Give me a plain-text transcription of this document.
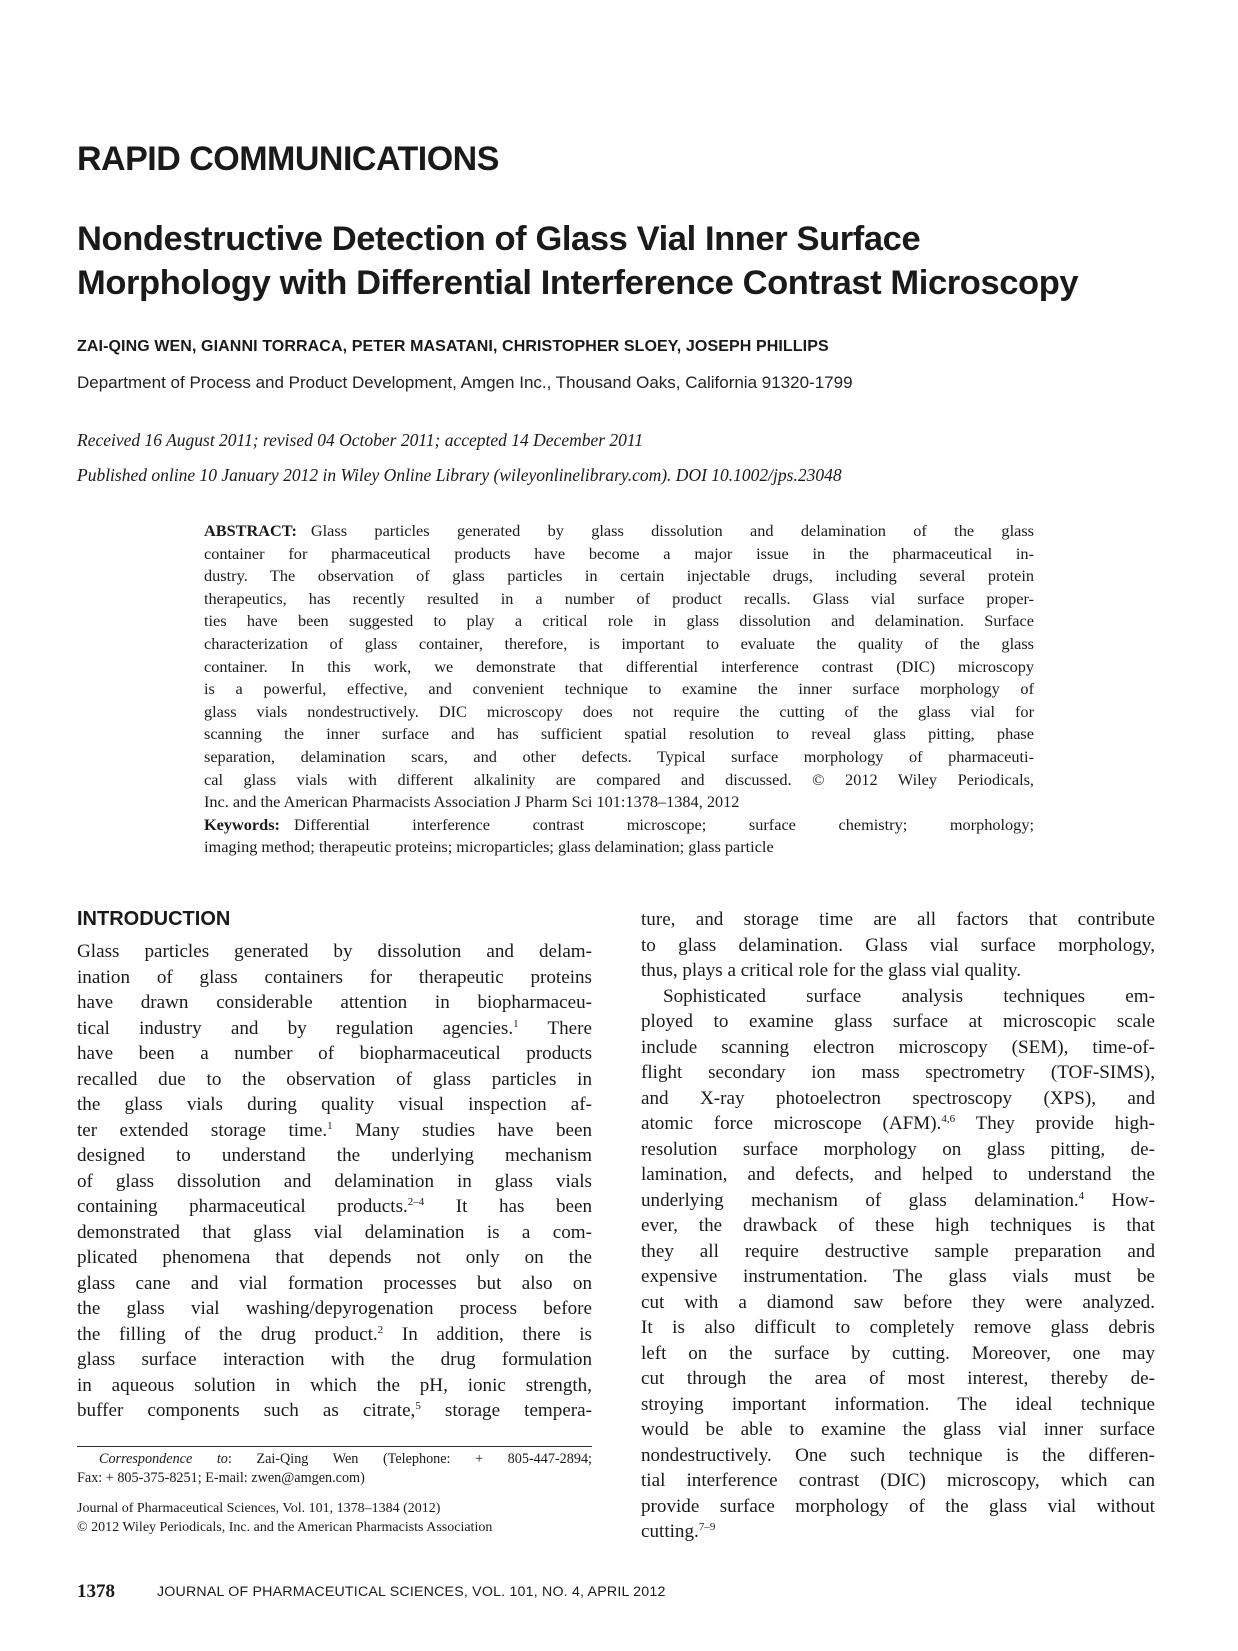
RAPID COMMUNICATIONS
Nondestructive Detection of Glass Vial Inner Surface
Morphology with Differential Interference Contrast Microscopy
ZAI-QING WEN, GIANNI TORRACA, PETER MASATANI, CHRISTOPHER SLOEY, JOSEPH PHILLIPS
Department of Process and Product Development, Amgen Inc., Thousand Oaks, California 91320-1799
Received 16 August 2011; revised 04 October 2011; accepted 14 December 2011
Published online 10 January 2012 in Wiley Online Library (wileyonlinelibrary.com). DOI 10.1002/jps.23048
ABSTRACT: Glass particles generated by glass dissolution and delamination of the glass
container for pharmaceutical products have become a major issue in the pharmaceutical in-
dustry. The observation of glass particles in certain injectable drugs, including several protein
therapeutics, has recently resulted in a number of product recalls. Glass vial surface proper-
ties have been suggested to play a critical role in glass dissolution and delamination. Surface
characterization of glass container, therefore, is important to evaluate the quality of the glass
container. In this work, we demonstrate that differential interference contrast (DIC) microscopy
is a powerful, effective, and convenient technique to examine the inner surface morphology of
glass vials nondestructively. DIC microscopy does not require the cutting of the glass vial for
scanning the inner surface and has sufficient spatial resolution to reveal glass pitting, phase
separation, delamination scars, and other defects. Typical surface morphology of pharmaceuti-
cal glass vials with different alkalinity are compared and discussed. © 2012 Wiley Periodicals,
Inc. and the American Pharmacists Association J Pharm Sci 101:1378–1384, 2012
Keywords: Differential interference contrast microscope; surface chemistry; morphology;
imaging method; therapeutic proteins; microparticles; glass delamination; glass particle
INTRODUCTION
Glass particles generated by dissolution and delam-
ination of glass containers for therapeutic proteins
have drawn considerable attention in biopharmaceu-
tical industry and by regulation agencies.$^1$ There
have been a number of biopharmaceutical products
recalled due to the observation of glass particles in
the glass vials during quality visual inspection af-
ter extended storage time.$^1$ Many studies have been
designed to understand the underlying mechanism
of glass dissolution and delamination in glass vials
containing pharmaceutical products.$^{2-4}$ It has been
demonstrated that glass vial delamination is a com-
plicated phenomena that depends not only on the
glass cane and vial formation processes but also on
the glass vial washing/depyrogenation process before
the filling of the drug product.$^2$ In addition, there is
glass surface interaction with the drug formulation
in aqueous solution in which the pH, ionic strength,
buffer components such as citrate,$^5$ storage tempera-
ture, and storage time are all factors that contribute
to glass delamination. Glass vial surface morphology,
thus, plays a critical role for the glass vial quality.
Sophisticated surface analysis techniques em-
ployed to examine glass surface at microscopic scale
include scanning electron microscopy (SEM), time-of-
flight secondary ion mass spectrometry (TOF-SIMS),
and X-ray photoelectron spectroscopy (XPS), and
atomic force microscope (AFM).$^{4,6}$ They provide high-
resolution surface morphology on glass pitting, de-
lamination, and defects, and helped to understand the
underlying mechanism of glass delamination.$^4$ How-
ever, the drawback of these high techniques is that
they all require destructive sample preparation and
expensive instrumentation. The glass vials must be
cut with a diamond saw before they were analyzed.
It is also difficult to completely remove glass debris
left on the surface by cutting. Moreover, one may
cut through the area of most interest, thereby de-
stroying important information. The ideal technique
would be able to examine the glass vial inner surface
nondestructively. One such technique is the differen-
tial interference contrast (DIC) microscopy, which can
provide surface morphology of the glass vial without
cutting.$^{7-9}$
Correspondence to: Zai-Qing Wen (Telephone: + 805-447-2894;
Fax: + 805-375-8251; E-mail: zwen@amgen.com)
Journal of Pharmaceutical Sciences, Vol. 101, 1378–1384 (2012)
© 2012 Wiley Periodicals, Inc. and the American Pharmacists Association
1378	JOURNAL OF PHARMACEUTICAL SCIENCES, VOL. 101, NO. 4, APRIL 2012
